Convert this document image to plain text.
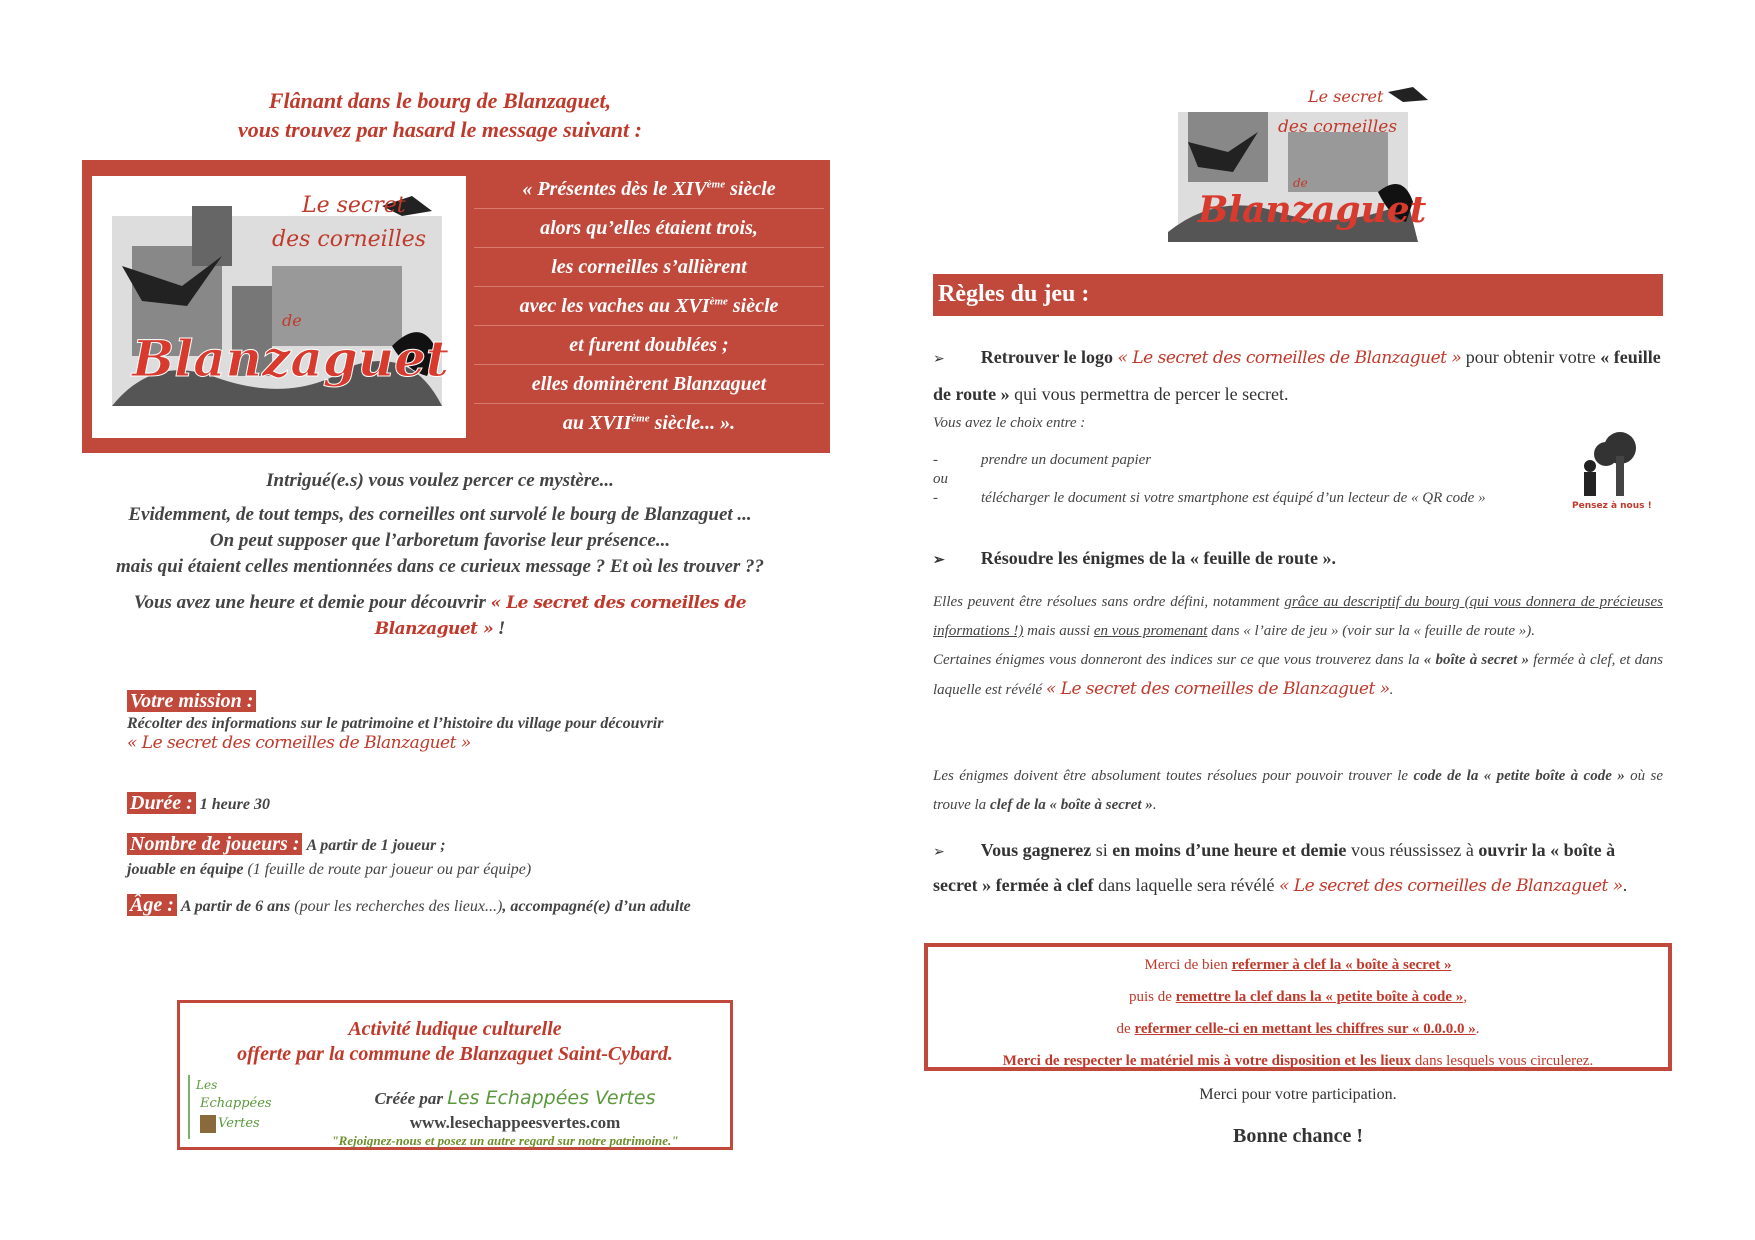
Flânant dans le bourg de Blanzaguet,
vous trouvez par hasard le message suivant :
Le secret
des corneilles
de
Blanzaguet
« Présentes dès le XIVème siècle
alors qu’elles étaient trois,
les corneilles s’allièrent
avec les vaches au XVIème siècle
et furent doublées ;
elles dominèrent Blanzaguet
au XVIIème siècle... ».
Intrigué(e.s) vous voulez percer ce mystère...
Evidemment, de tout temps, des corneilles ont survolé le bourg de Blanzaguet ...
On peut supposer que l’arboretum favorise leur présence...
mais qui étaient celles mentionnées dans ce curieux message ? Et où les trouver ??
Vous avez une heure et demie pour découvrir « Le secret des corneilles de Blanzaguet » !
Votre mission :
Récolter des informations sur le patrimoine et l’histoire du village pour découvrir
« Le secret des corneilles de Blanzaguet »
Durée : 1 heure 30
Nombre de joueurs : A partir de 1 joueur ;
jouable en équipe (1 feuille de route par joueur ou par équipe)
Âge : A partir de 6 ans (pour les recherches des lieux...), accompagné(e) d’un adulte
Activité ludique culturelle
offerte par la commune de Blanzaguet Saint-Cybard.
Les
Echappées
Vertes
Créée par Les Echappées Vertes
www.lesechappeesvertes.com
"Rejoignez-nous et posez un autre regard sur notre patrimoine."
Le secret
des corneilles
de
Blanzaguet
Règles du jeu :
➢ Retrouver le logo « Le secret des corneilles de Blanzaguet » pour obtenir votre « feuille de route » qui vous permettra de percer le secret.
Vous avez le choix entre :
-	prendre un document papier
ou
-	télécharger le document si votre smartphone est équipé d’un lecteur de « QR code »	Pensez à nous !
➢ Résoudre les énigmes de la « feuille de route ».
Elles peuvent être résolues sans ordre défini, notamment grâce au descriptif du bourg (qui vous donnera de précieuses informations !) mais aussi en vous promenant dans « l’aire de jeu » (voir sur la « feuille de route »).
Certaines énigmes vous donneront des indices sur ce que vous trouverez dans la « boîte à secret » fermée à clef, et dans laquelle est révélé « Le secret des corneilles de Blanzaguet ».
Les énigmes doivent être absolument toutes résolues pour pouvoir trouver le code de la « petite boîte à code » où se trouve la clef de la « boîte à secret ».
➢ Vous gagnerez si en moins d’une heure et demie vous réussissez à ouvrir la « boîte à secret » fermée à clef dans laquelle sera révélé « Le secret des corneilles de Blanzaguet ».
Merci de bien refermer à clef la « boîte à secret »
puis de remettre la clef dans la « petite boîte à code »,
de refermer celle-ci en mettant les chiffres sur « 0.0.0.0 ».
Merci de respecter le matériel mis à votre disposition et les lieux dans lesquels vous circulerez.
Merci pour votre participation.
Bonne chance !
